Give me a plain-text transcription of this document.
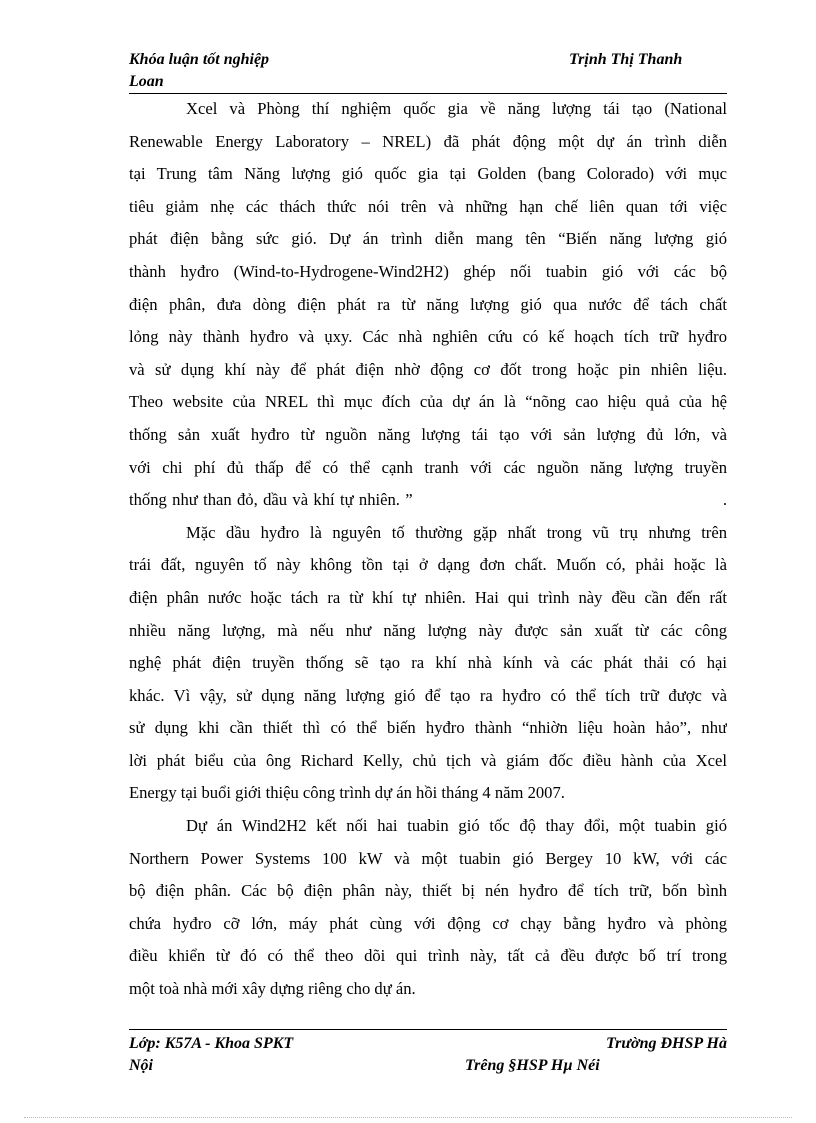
Khóa luận tốt nghiệp	Trịnh Thị Thanh
Loan
Xcel và Phòng thí nghiệm quốc gia về năng lượng tái tạo (National
Renewable Energy Laboratory – NREL) đã phát động một dự án trình diễn
tại Trung tâm Năng lượng gió quốc gia tại Golden (bang Colorado) với mục
tiêu giảm nhẹ các thách thức nói trên và những hạn chế liên quan tới việc
phát điện bằng sức gió. Dự án trình diễn mang tên “Biến năng lượng gió
thành hyđro (Wind-to-Hydrogene-Wind2H2) ghép nối tuabin gió với các bộ
điện phân, đưa dòng điện phát ra từ năng lượng gió qua nước để tách chất
lỏng này thành hyđro và ụxy. Các nhà nghiên cứu có kế hoạch tích trữ hyđro
và sử dụng khí này để phát điện nhờ động cơ đốt trong hoặc pin nhiên liệu.
Theo website của NREL thì mục đích của dự án là “nõng cao hiệu quả của hệ
thống sản xuất hyđro từ nguồn năng lượng tái tạo với sản lượng đủ lớn, và
với chi phí đủ thấp để có thể cạnh tranh với các nguồn năng lượng truyền
thống như than đỏ, dầu và khí tự nhiên. ”                                                          .
Mặc dầu hyđro là nguyên tố thường gặp nhất trong vũ trụ nhưng trên
trái đất, nguyên tố này không tồn tại ở dạng đơn chất. Muốn có, phải hoặc là
điện phân nước hoặc tách ra từ khí tự nhiên. Hai qui trình này đều cần đến rất
nhiều năng lượng, mà nếu như năng lượng này được sản xuất từ các công
nghệ phát điện truyền thống sẽ tạo ra khí nhà kính và các phát thải có hại
khác. Vì vậy, sử dụng năng lượng gió để tạo ra hyđro có thể tích trữ được và
sử dụng khi cần thiết thì có thể biến hyđro thành “nhiờn liệu hoàn hảo”, như
lời phát biểu của ông Richard Kelly, chủ tịch và giám đốc điều hành của Xcel
Energy tại buổi giới thiệu công trình dự án hồi tháng 4 năm 2007.
Dự án Wind2H2 kết nối hai tuabin gió tốc độ thay đổi, một tuabin gió
Northern Power Systems 100 kW và một tuabin gió Bergey 10 kW, với các
bộ điện phân. Các bộ điện phân này, thiết bị nén hyđro để tích trữ, bốn bình
chứa hyđro cỡ lớn, máy phát cùng với động cơ chạy bằng hyđro và phòng
điều khiển từ đó có thể theo dõi qui trình này, tất cả đều được bố trí trong
một toà nhà mới xây dựng riêng cho dự án.
Lớp: K57A - Khoa SPKT	Trường ĐHSP Hà
Nội	Trêng §HSP Hµ Néi
